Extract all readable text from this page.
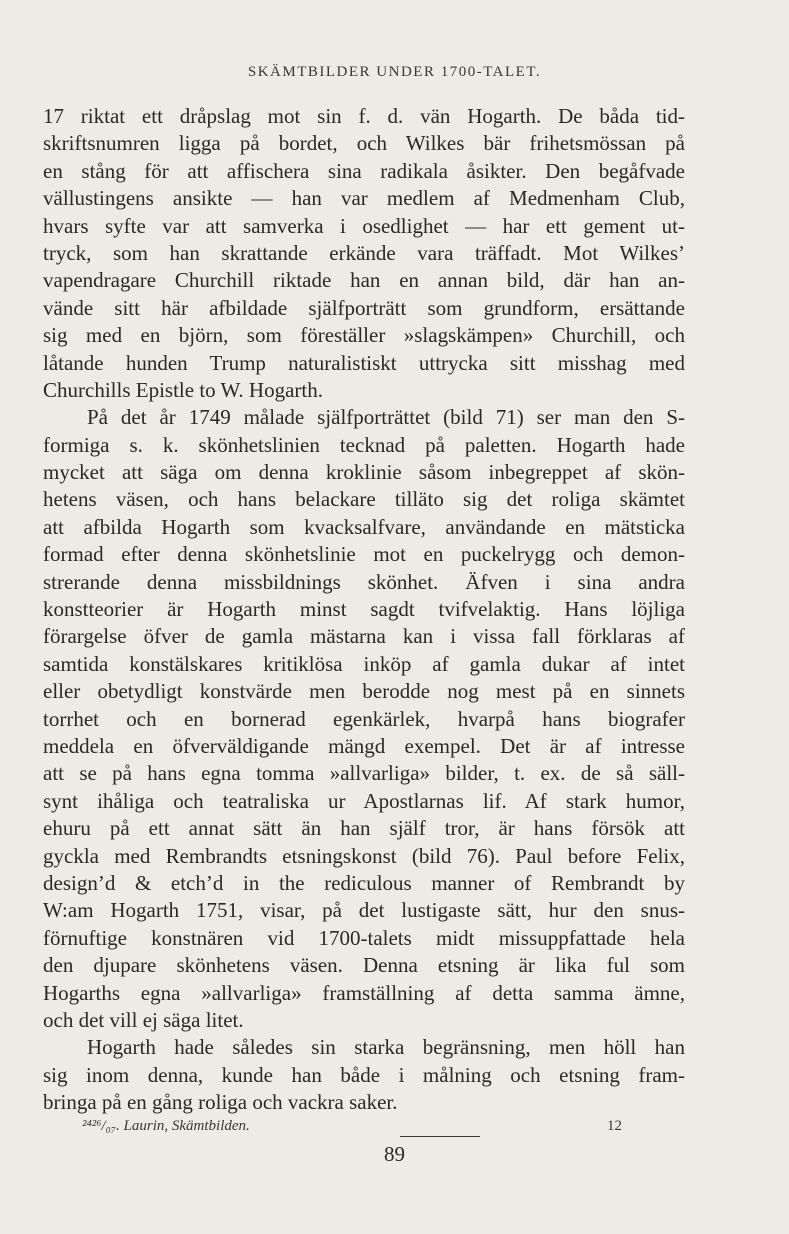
SKÄMTBILDER UNDER 1700-TALET.
17 riktat ett dråpslag mot sin f. d. vän Hogarth. De båda tid-
skriftsnumren ligga på bordet, och Wilkes bär frihetsmössan på
en stång för att affischera sina radikala åsikter. Den begåfvade
vällustingens ansikte — han var medlem af Medmenham Club,
hvars syfte var att samverka i osedlighet — har ett gement ut-
tryck, som han skrattande erkände vara träffadt. Mot Wilkes’
vapendragare Churchill riktade han en annan bild, där han an-
vände sitt här afbildade själfporträtt som grundform, ersättande
sig med en björn, som föreställer »slagskämpen» Churchill, och
låtande hunden Trump naturalistiskt uttrycka sitt misshag med
Churchills Epistle to W. Hogarth.
På det år 1749 målade själfporträttet (bild 71) ser man den S-
formiga s. k. skönhetslinien tecknad på paletten. Hogarth hade
mycket att säga om denna kroklinie såsom inbegreppet af skön-
hetens väsen, och hans belackare tilläto sig det roliga skämtet
att afbilda Hogarth som kvacksalfvare, användande en mätsticka
formad efter denna skönhetslinie mot en puckelrygg och demon-
strerande denna missbildnings skönhet. Äfven i sina andra
konstteorier är Hogarth minst sagdt tvifvelaktig. Hans löjliga
förargelse öfver de gamla mästarna kan i vissa fall förklaras af
samtida konstälskares kritiklösa inköp af gamla dukar af intet
eller obetydligt konstvärde men berodde nog mest på en sinnets
torrhet och en bornerad egenkärlek, hvarpå hans biografer
meddela en öfverväldigande mängd exempel. Det är af intresse
att se på hans egna tomma »allvarliga» bilder, t. ex. de så säll-
synt ihåliga och teatraliska ur Apostlarnas lif. Af stark humor,
ehuru på ett annat sätt än han själf tror, är hans försök att
gyckla med Rembrandts etsningskonst (bild 76). Paul before Felix,
design’d & etch’d in the rediculous manner of Rembrandt by
W:am Hogarth 1751, visar, på det lustigaste sätt, hur den snus-
förnuftige konstnären vid 1700-talets midt missuppfattade hela
den djupare skönhetens väsen. Denna etsning är lika ful som
Hogarths egna »allvarliga» framställning af detta samma ämne,
och det vill ej säga litet.
Hogarth hade således sin starka begränsning, men höll han
sig inom denna, kunde han både i målning och etsning fram-
bringa på en gång roliga och vackra saker.
²⁴²⁶/₀₇. Laurin, Skämtbilden.	12
89
